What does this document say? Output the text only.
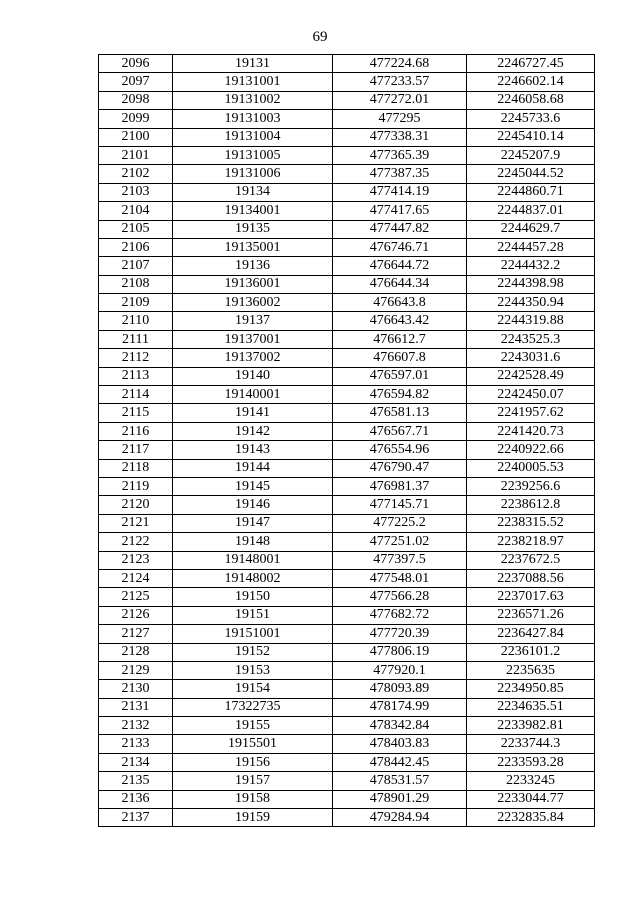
69
2096	19131	477224.68	2246727.45
2097	19131001	477233.57	2246602.14
2098	19131002	477272.01	2246058.68
2099	19131003	477295	2245733.6
2100	19131004	477338.31	2245410.14
2101	19131005	477365.39	2245207.9
2102	19131006	477387.35	2245044.52
2103	19134	477414.19	2244860.71
2104	19134001	477417.65	2244837.01
2105	19135	477447.82	2244629.7
2106	19135001	476746.71	2244457.28
2107	19136	476644.72	2244432.2
2108	19136001	476644.34	2244398.98
2109	19136002	476643.8	2244350.94
2110	19137	476643.42	2244319.88
2111	19137001	476612.7	2243525.3
2112	19137002	476607.8	2243031.6
2113	19140	476597.01	2242528.49
2114	19140001	476594.82	2242450.07
2115	19141	476581.13	2241957.62
2116	19142	476567.71	2241420.73
2117	19143	476554.96	2240922.66
2118	19144	476790.47	2240005.53
2119	19145	476981.37	2239256.6
2120	19146	477145.71	2238612.8
2121	19147	477225.2	2238315.52
2122	19148	477251.02	2238218.97
2123	19148001	477397.5	2237672.5
2124	19148002	477548.01	2237088.56
2125	19150	477566.28	2237017.63
2126	19151	477682.72	2236571.26
2127	19151001	477720.39	2236427.84
2128	19152	477806.19	2236101.2
2129	19153	477920.1	2235635
2130	19154	478093.89	2234950.85
2131	17322735	478174.99	2234635.51
2132	19155	478342.84	2233982.81
2133	1915501	478403.83	2233744.3
2134	19156	478442.45	2233593.28
2135	19157	478531.57	2233245
2136	19158	478901.29	2233044.77
2137	19159	479284.94	2232835.84
